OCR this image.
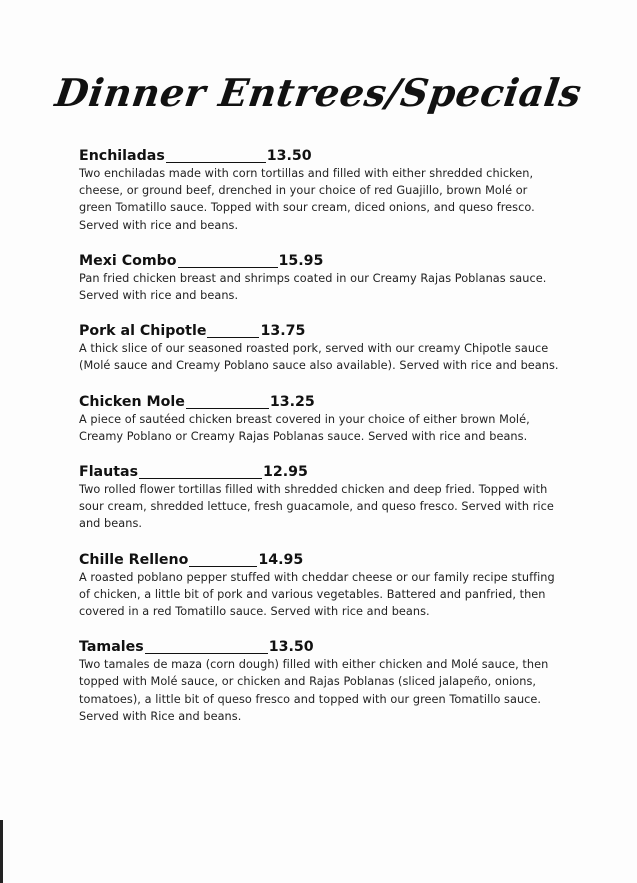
Dinner Entrees/Specials
Enchiladas	13.50
Two enchiladas made with corn tortillas and filled with either shredded chicken,
cheese, or ground beef, drenched in your choice of red Guajillo, brown Molé or
green Tomatillo sauce. Topped with sour cream, diced onions, and queso fresco.
Served with rice and beans.
Mexi Combo	15.95
Pan fried chicken breast and shrimps coated in our Creamy Rajas Poblanas sauce.
Served with rice and beans.
Pork al Chipotle	13.75
A thick slice of our seasoned roasted pork, served with our creamy Chipotle sauce
(Molé sauce and Creamy Poblano sauce also available). Served with rice and beans.
Chicken Mole	13.25
A piece of sautéed chicken breast covered in your choice of either brown Molé,
Creamy Poblano or Creamy Rajas Poblanas sauce. Served with rice and beans.
Flautas	12.95
Two rolled flower tortillas filled with shredded chicken and deep fried. Topped with
sour cream, shredded lettuce, fresh guacamole, and queso fresco. Served with rice
and beans.
Chille Relleno	14.95
A roasted poblano pepper stuffed with cheddar cheese or our family recipe stuffing
of chicken, a little bit of pork and various vegetables. Battered and panfried, then
covered in a red Tomatillo sauce. Served with rice and beans.
Tamales	13.50
Two tamales de maza (corn dough) filled with either chicken and Molé sauce, then
topped with Molé sauce, or chicken and Rajas Poblanas (sliced jalapeño, onions,
tomatoes), a little bit of queso fresco and topped with our green Tomatillo sauce.
Served with Rice and beans.
